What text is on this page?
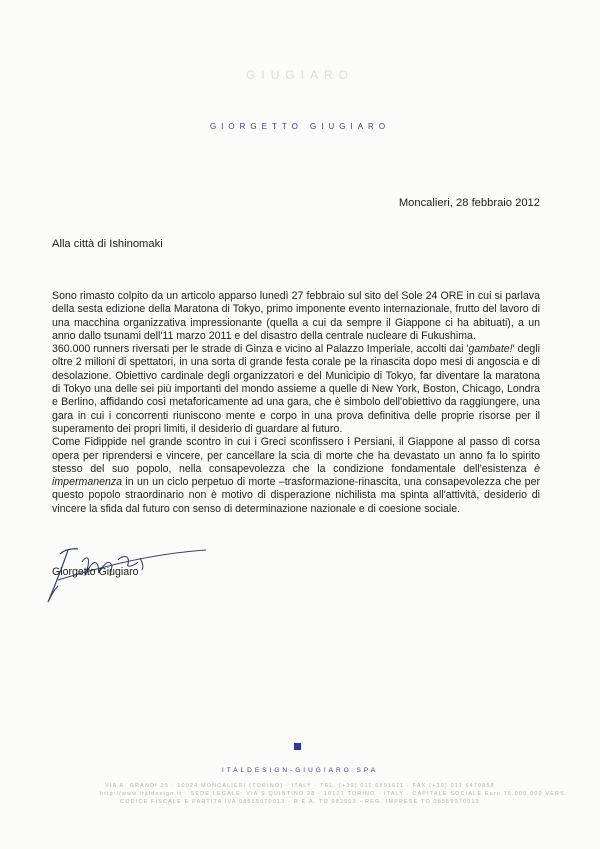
GIUGIARO
GIORGETTO GIUGIARO
Moncalieri, 28 febbraio 2012
Alla città di Ishinomaki

Sono rimasto colpito da un articolo apparso lunedì 27 febbraio sul sito del Sole 24 ORE in cui si parlava della sesta edizione della Maratona di Tokyo, primo imponente evento internazionale, frutto del lavoro di una macchina organizzativa impressionante (quella a cui da sempre il Giappone ci ha abituati), a un anno dallo tsunami dell'11 marzo 2011 e del disastro della centrale nucleare di Fukushima.

360.000 runners riversati per le strade di Ginza e vicino al Palazzo Imperiale, accolti dai 'gambate!' degli oltre 2 milioni di spettatori, in una sorta di grande festa corale pe la rinascita dopo mesi di angoscia e di desolazione. Obiettivo cardinale degli organizzatori e del Municipio di Tokyo, far diventare la maratona di Tokyo una delle sei più importanti del mondo assieme a quelle di New York, Boston, Chicago, Londra e Berlino, affidando così metaforicamente ad una gara, che è simbolo dell'obiettivo da raggiungere, una gara in cui i concorrenti riuniscono mente e corpo in una prova definitiva delle proprie risorse per il superamento dei propri limiti, il desiderio di guardare al futuro.

Come Fidippide nel grande scontro in cui i Greci sconfissero i Persiani, il Giappone al passo di corsa opera per riprendersi e vincere, per cancellare la scia di morte che ha devastato un anno fa lo spirito stesso del suo popolo, nella consapevolezza che la condizione fondamentale dell'esistenza è impermanenza in un un ciclo perpetuo di morte –trasformazione-rinascita, una consapevolezza che per questo popolo straordinario non è motivo di disperazione nichilista ma spinta all'attività, desiderio di vincere la sfida dal futuro con senso di determinazione nazionale e di coesione sociale.

Giorgetto Giugiaro
ITALDESIGN-GIUGIARO SPA
VIA A. GRANDI 25 · 10024 MONCALIERI (TORINO) · ITALY · TEL. (+39) 011 6891611 · FAX (+39) 011 6470858
http://www.italdesign.it · SEDE LEGALE: VIA S.QUINTINO 28 · 10121 TORINO · ITALY · CAPITALE SOCIALE Euro 75.000.000 VERS.
CODICE FISCALE E PARTITA IVA 08555070013 · R.E.A. TO 982503 · REG. IMPRESE TO 08555070013
